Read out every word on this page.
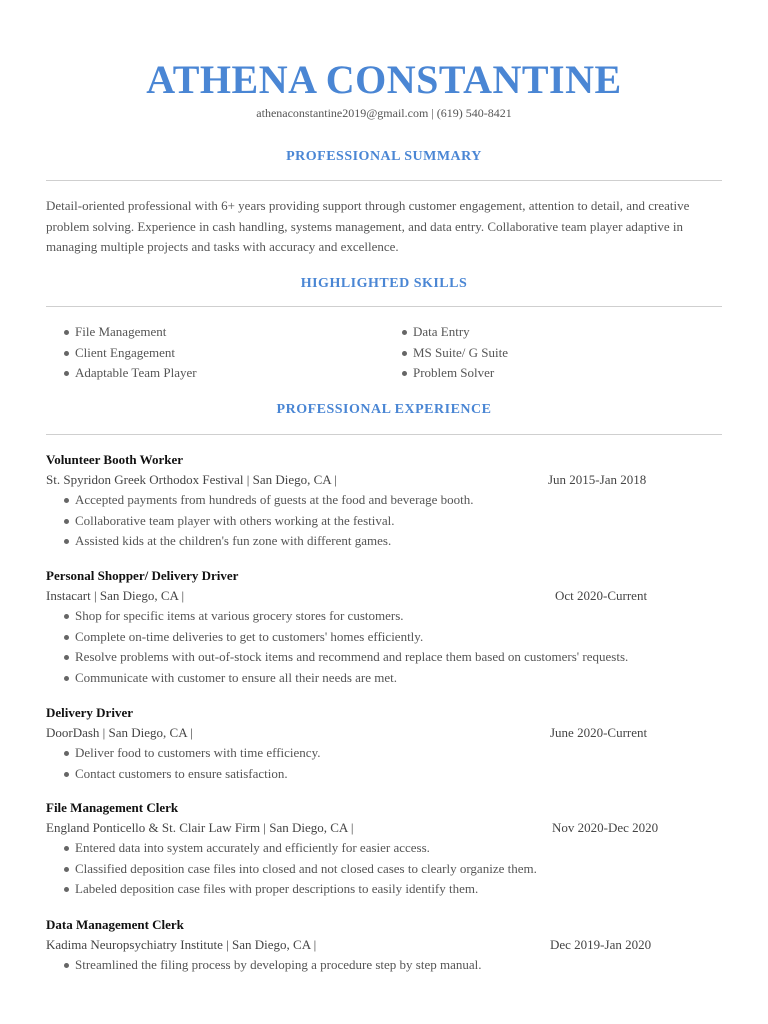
ATHENA CONSTANTINE
athenaconstantine2019@gmail.com | (619) 540-8421
PROFESSIONAL SUMMARY
Detail-oriented professional with 6+ years providing support through customer engagement, attention to detail, and creative problem solving. Experience in cash handling, systems management, and data entry. Collaborative team player adaptive in managing multiple projects and tasks with accuracy and excellence.
HIGHLIGHTED SKILLS
File Management
Client Engagement
Adaptable Team Player
Data Entry
MS Suite/ G Suite
Problem Solver
PROFESSIONAL EXPERIENCE
Volunteer Booth Worker
St. Spyridon Greek Orthodox Festival | San Diego, CA |	Jun 2015-Jan 2018
Accepted payments from hundreds of guests at the food and beverage booth.
Collaborative team player with others working at the festival.
Assisted kids at the children's fun zone with different games.
Personal Shopper/ Delivery Driver
Instacart | San Diego, CA |	Oct 2020-Current
Shop for specific items at various grocery stores for customers.
Complete on-time deliveries to get to customers' homes efficiently.
Resolve problems with out-of-stock items and recommend and replace them based on customers' requests.
Communicate with customer to ensure all their needs are met.
Delivery Driver
DoorDash | San Diego, CA |	June 2020-Current
Deliver food to customers with time efficiency.
Contact customers to ensure satisfaction.
File Management Clerk
England Ponticello & St. Clair Law Firm | San Diego, CA |	Nov 2020-Dec 2020
Entered data into system accurately and efficiently for easier access.
Classified deposition case files into closed and not closed cases to clearly organize them.
Labeled deposition case files with proper descriptions to easily identify them.
Data Management Clerk
Kadima Neuropsychiatry Institute | San Diego, CA |	Dec 2019-Jan 2020
Streamlined the filing process by developing a procedure step by step manual.
